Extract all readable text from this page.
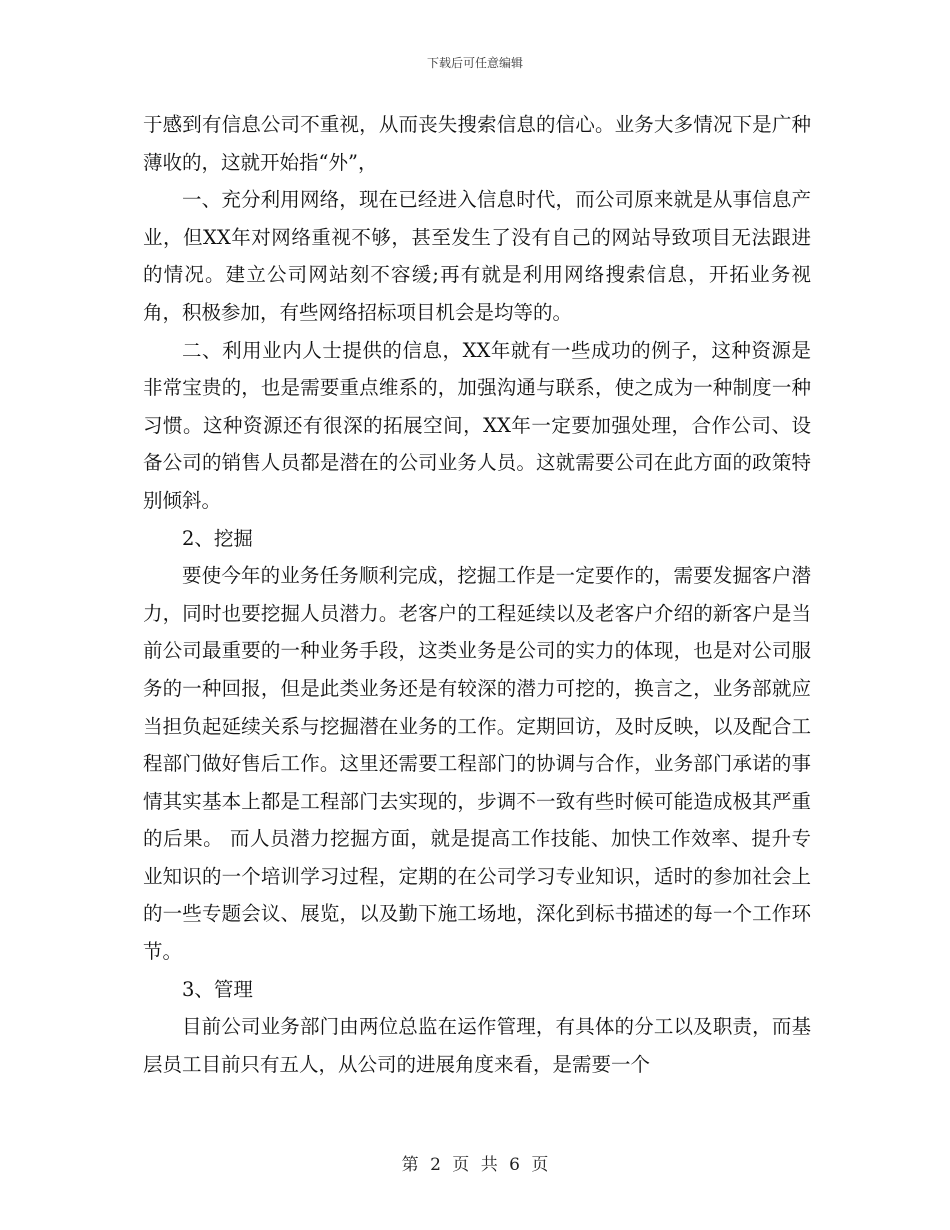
下载后可任意编辑

于感到有信息公司不重视，从而丧失搜索信息的信心。业务大多情况下是广种薄收的，这就开始指“外”，

一、充分利用网络，现在已经进入信息时代，而公司原来就是从事信息产业，但XX年对网络重视不够，甚至发生了没有自己的网站导致项目无法跟进的情况。建立公司网站刻不容缓;再有就是利用网络搜索信息，开拓业务视角，积极参加，有些网络招标项目机会是均等的。

二、利用业内人士提供的信息，XX年就有一些成功的例子，这种资源是非常宝贵的，也是需要重点维系的，加强沟通与联系，使之成为一种制度一种习惯。这种资源还有很深的拓展空间，XX年一定要加强处理，合作公司、设备公司的销售人员都是潜在的公司业务人员。这就需要公司在此方面的政策特别倾斜。

2、挖掘

要使今年的业务任务顺利完成，挖掘工作是一定要作的，需要发掘客户潜力，同时也要挖掘人员潜力。老客户的工程延续以及老客户介绍的新客户是当前公司最重要的一种业务手段，这类业务是公司的实力的体现，也是对公司服务的一种回报，但是此类业务还是有较深的潜力可挖的，换言之，业务部就应当担负起延续关系与挖掘潜在业务的工作。定期回访，及时反映，以及配合工程部门做好售后工作。这里还需要工程部门的协调与合作，业务部门承诺的事情其实基本上都是工程部门去实现的，步调不一致有些时候可能造成极其严重的后果。 而人员潜力挖掘方面，就是提高工作技能、加快工作效率、提升专业知识的一个培训学习过程，定期的在公司学习专业知识，适时的参加社会上的一些专题会议、展览，以及勤下施工场地，深化到标书描述的每一个工作环节。

3、管理

目前公司业务部门由两位总监在运作管理，有具体的分工以及职责，而基层员工目前只有五人，从公司的进展角度来看，是需要一个

第 2 页 共 6 页
